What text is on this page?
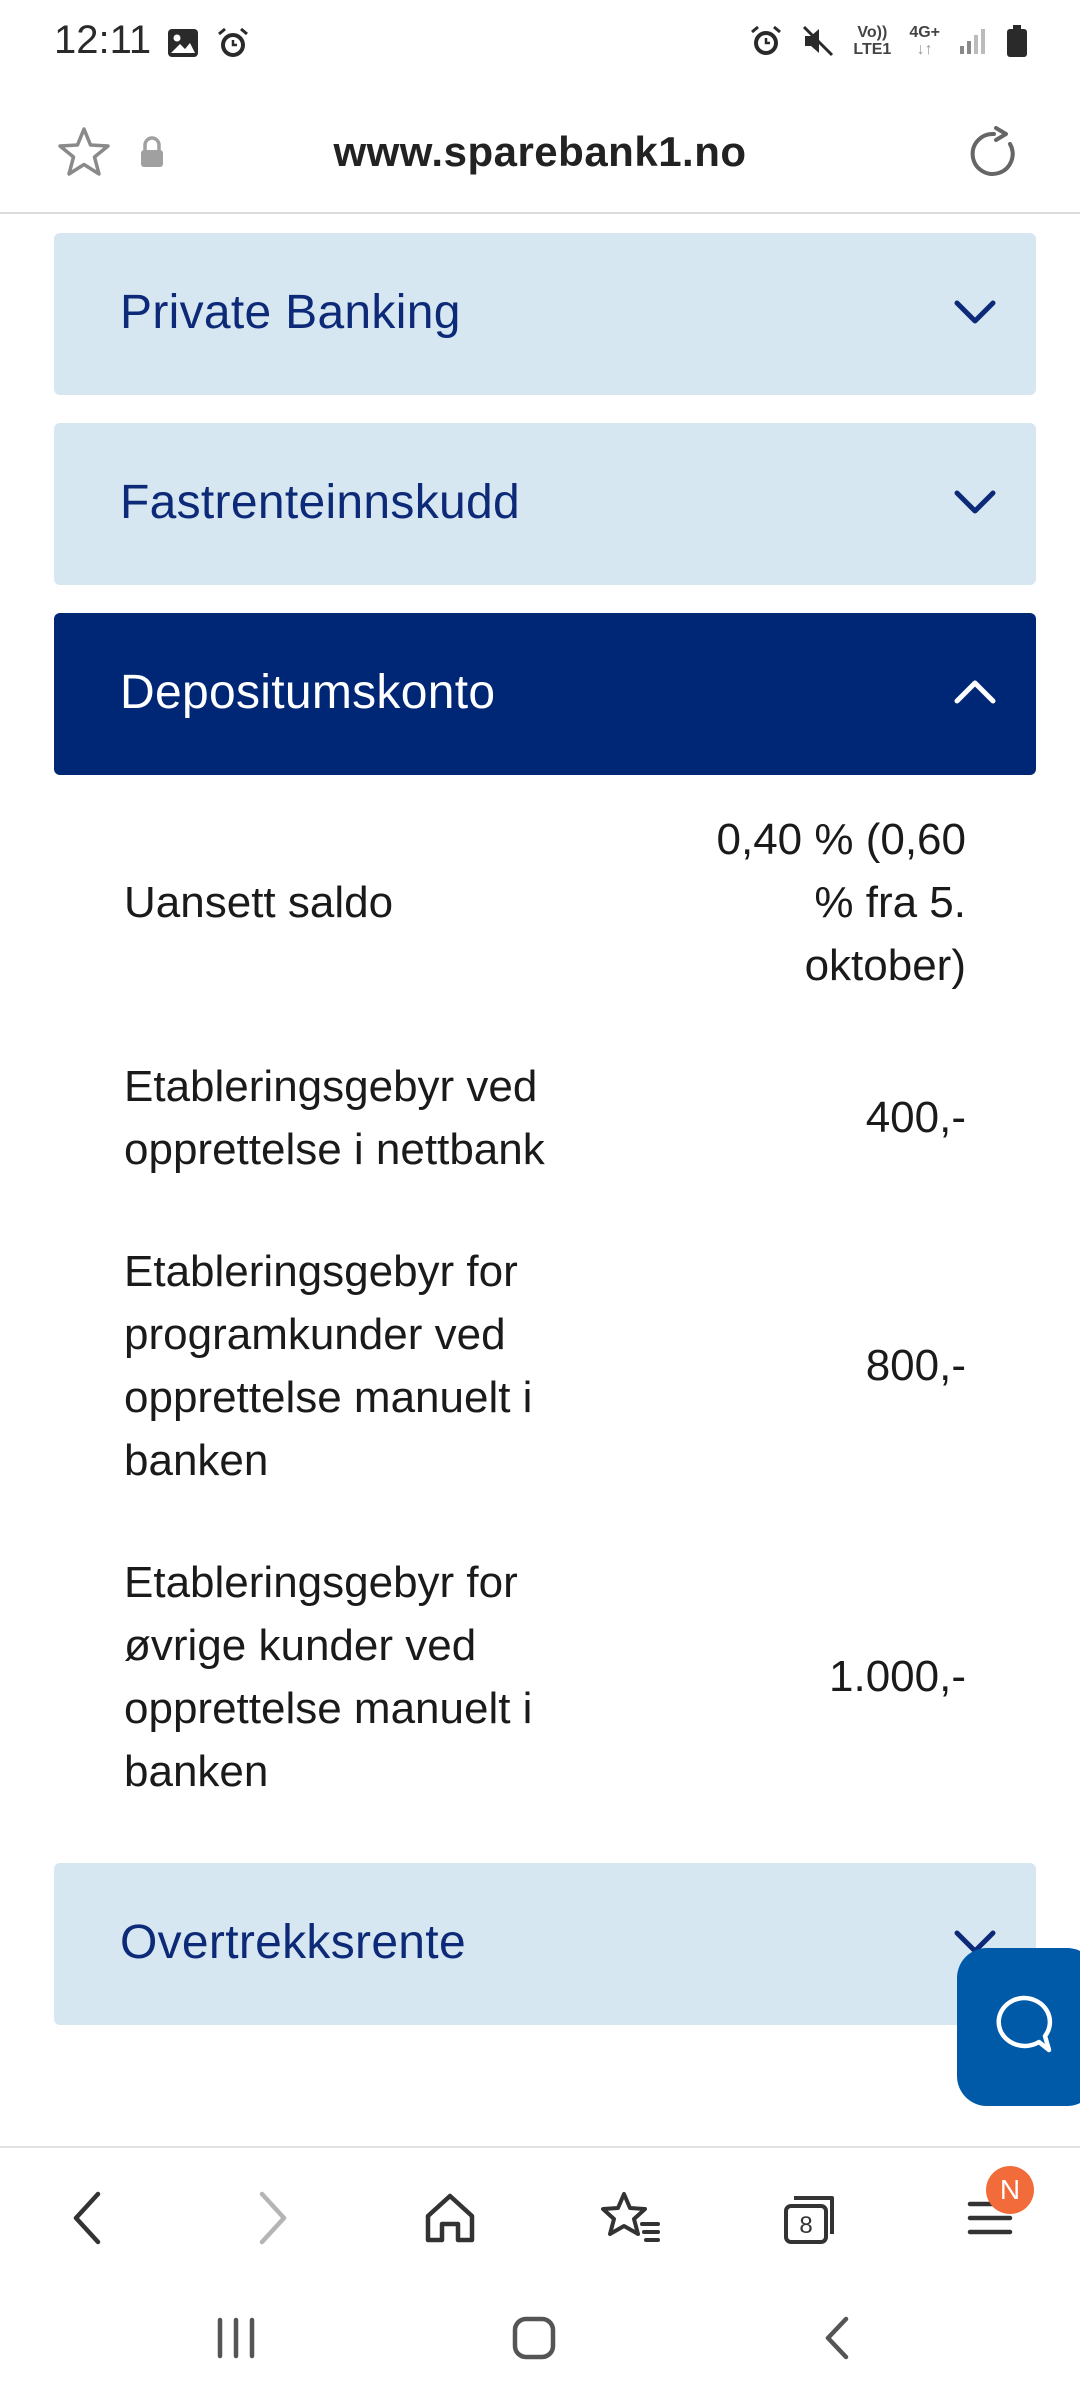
12:11	Vo))
LTE1
4G+
↓↑
www.sparebank1.no
Private Banking
Fastrenteinnskudd
Depositumskonto
Uansett saldo
0,40 % (0,60
% fra 5.
oktober)
Etableringsgebyr ved
opprettelse i nettbank
400,-
Etableringsgebyr for
programkunder ved
opprettelse manuelt i
banken
800,-
Etableringsgebyr for
øvrige kunder ved
opprettelse manuelt i
banken
1.000,-
Overtrekksrente
8
N
